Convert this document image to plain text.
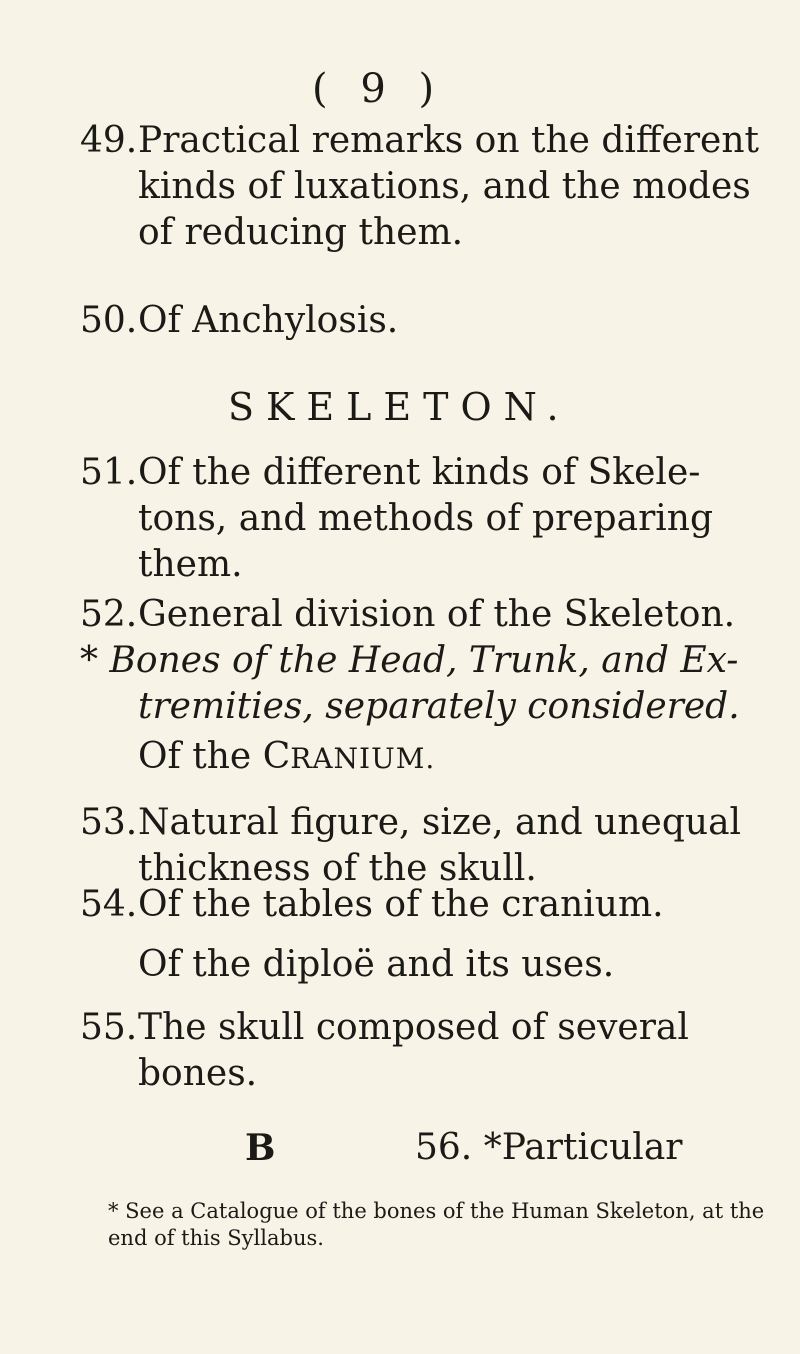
( 9 )
49.Practical remarks on the different
kinds of luxations, and the modes
of reducing them.
50.Of Anchylosis.
SKELETON.
51.Of the different kinds of Skele-
tons, and methods of preparing
them.
52.General division of the Skeleton.
* Bones of the Head, Trunk, and Ex-
tremities, separately considered.
Of the CRANIUM.
53.Natural figure, size, and unequal
thickness of the skull.
54.Of the tables of the cranium.
Of the diploë and its uses.
55.The skull composed of several
bones.
B	56. *Particular
* See a Catalogue of the bones of the Human Skeleton, at the
end of this Syllabus.
